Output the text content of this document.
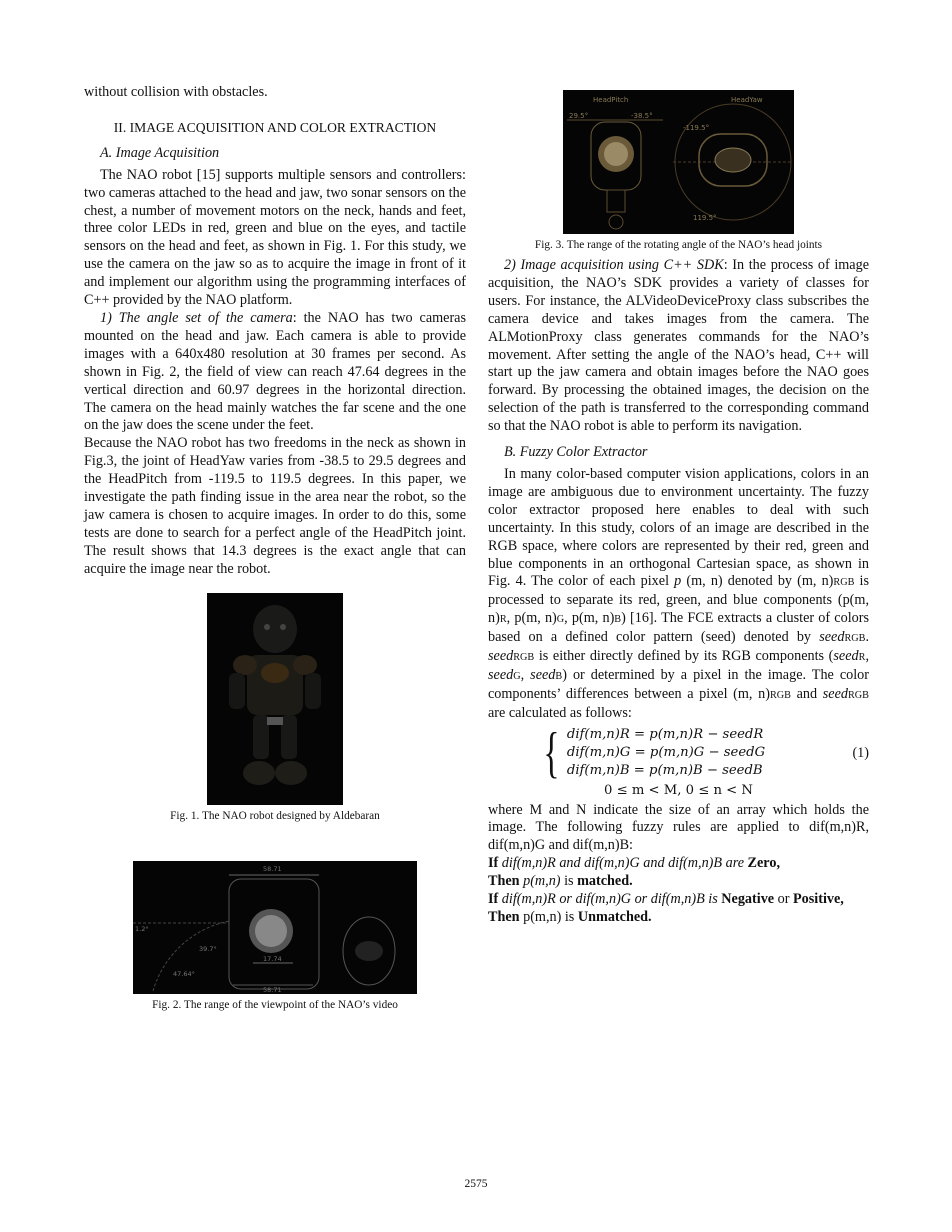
without collision with obstacles.

II. IMAGE ACQUISITION AND COLOR EXTRACTION
A. Image Acquisition

The NAO robot [15] supports multiple sensors and controllers: two cameras attached to the head and jaw, two sonar sensors on the chest, a number of movement motors on the neck, hands and feet, three color LEDs in red, green and blue on the eyes, and tactile sensors on the head and feet, as shown in Fig. 1. For this study, we use the camera on the jaw so as to acquire the image in front of it and implement our algorithm using the programming interfaces of C++ provided by the NAO platform.

1) The angle set of the camera: the NAO has two cameras mounted on the head and jaw. Each camera is able to provide images with a 640x480 resolution at 30 frames per second. As shown in Fig. 2, the field of view can reach 47.64 degrees in the vertical direction and 60.97 degrees in the horizontal direction. The camera on the head mainly watches the far scene and the one on the jaw does the scene under the feet.

Because the NAO robot has two freedoms in the neck as shown in Fig.3, the joint of HeadYaw varies from -38.5 to 29.5 degrees and the HeadPitch from -119.5 to 119.5 degrees. In this paper, we investigate the path finding issue in the area near the robot, so the jaw camera is chosen to acquire images. In order to do this, some tests are done to search for a perfect angle of the HeadPitch joint. The result shows that 14.3 degrees is the exact angle that can acquire the image near the robot.

Fig. 1. The NAO robot designed by Aldebaran
58.71
17.74
58.71
39.7°
1.2°
47.64°
Fig. 2. The range of the viewpoint of the NAO’s video
HeadPitch	HeadYaw
29.5°	-38.5°
-119.5°
119.5°
Fig. 3. The range of the rotating angle of the NAO’s head joints

2) Image acquisition using C++ SDK: In the process of image acquisition, the NAO’s SDK provides a variety of classes for users. For instance, the ALVideoDeviceProxy class subscribes the camera device and takes images from the camera. The ALMotionProxy class generates commands for the NAO’s movement. After setting the angle of the NAO’s head, C++ will start up the jaw camera and obtain images before the NAO goes forward. By processing the obtained images, the decision on the selection of the path is transferred to the corresponding command so that the NAO robot is able to perform its navigation.

B. Fuzzy Color Extractor

In many color-based computer vision applications, colors in an image are ambiguous due to environment uncertainty. The fuzzy color extractor proposed here enables to deal with such uncertainty. In this study, colors of an image are described in the RGB space, where colors are represented by their red, green and blue components in an orthogonal Cartesian space, as shown in Fig. 4. The color of each pixel p (m, n) denoted by (m, n)RGB is processed to separate its red, green, and blue components (p(m, n)R, p(m, n)G, p(m, n)B) [16]. The FCE extracts a cluster of colors based on a defined color pattern (seed) denoted by seedRGB. seedRGB is either directly defined by its RGB components (seedR, seedG, seedB) or determined by a pixel in the image. The color components’ differences between a pixel (m, n)RGB and seedRGB are calculated as follows:

{ dif(m,n)R = p(m,n)R − seedR
dif(m,n)G = p(m,n)G − seedG
dif(m,n)B = p(m,n)B − seedB
(1)
0 ≤ m < M, 0 ≤ n < N

where M and N indicate the size of an array which holds the image. The following fuzzy rules are applied to dif(m,n)R, dif(m,n)G and dif(m,n)B:

If dif(m,n)R and dif(m,n)G and dif(m,n)B are Zero,
Then p(m,n) is matched.

If dif(m,n)R or dif(m,n)G or dif(m,n)B is Negative or Positive,
Then p(m,n) is Unmatched.

2575
